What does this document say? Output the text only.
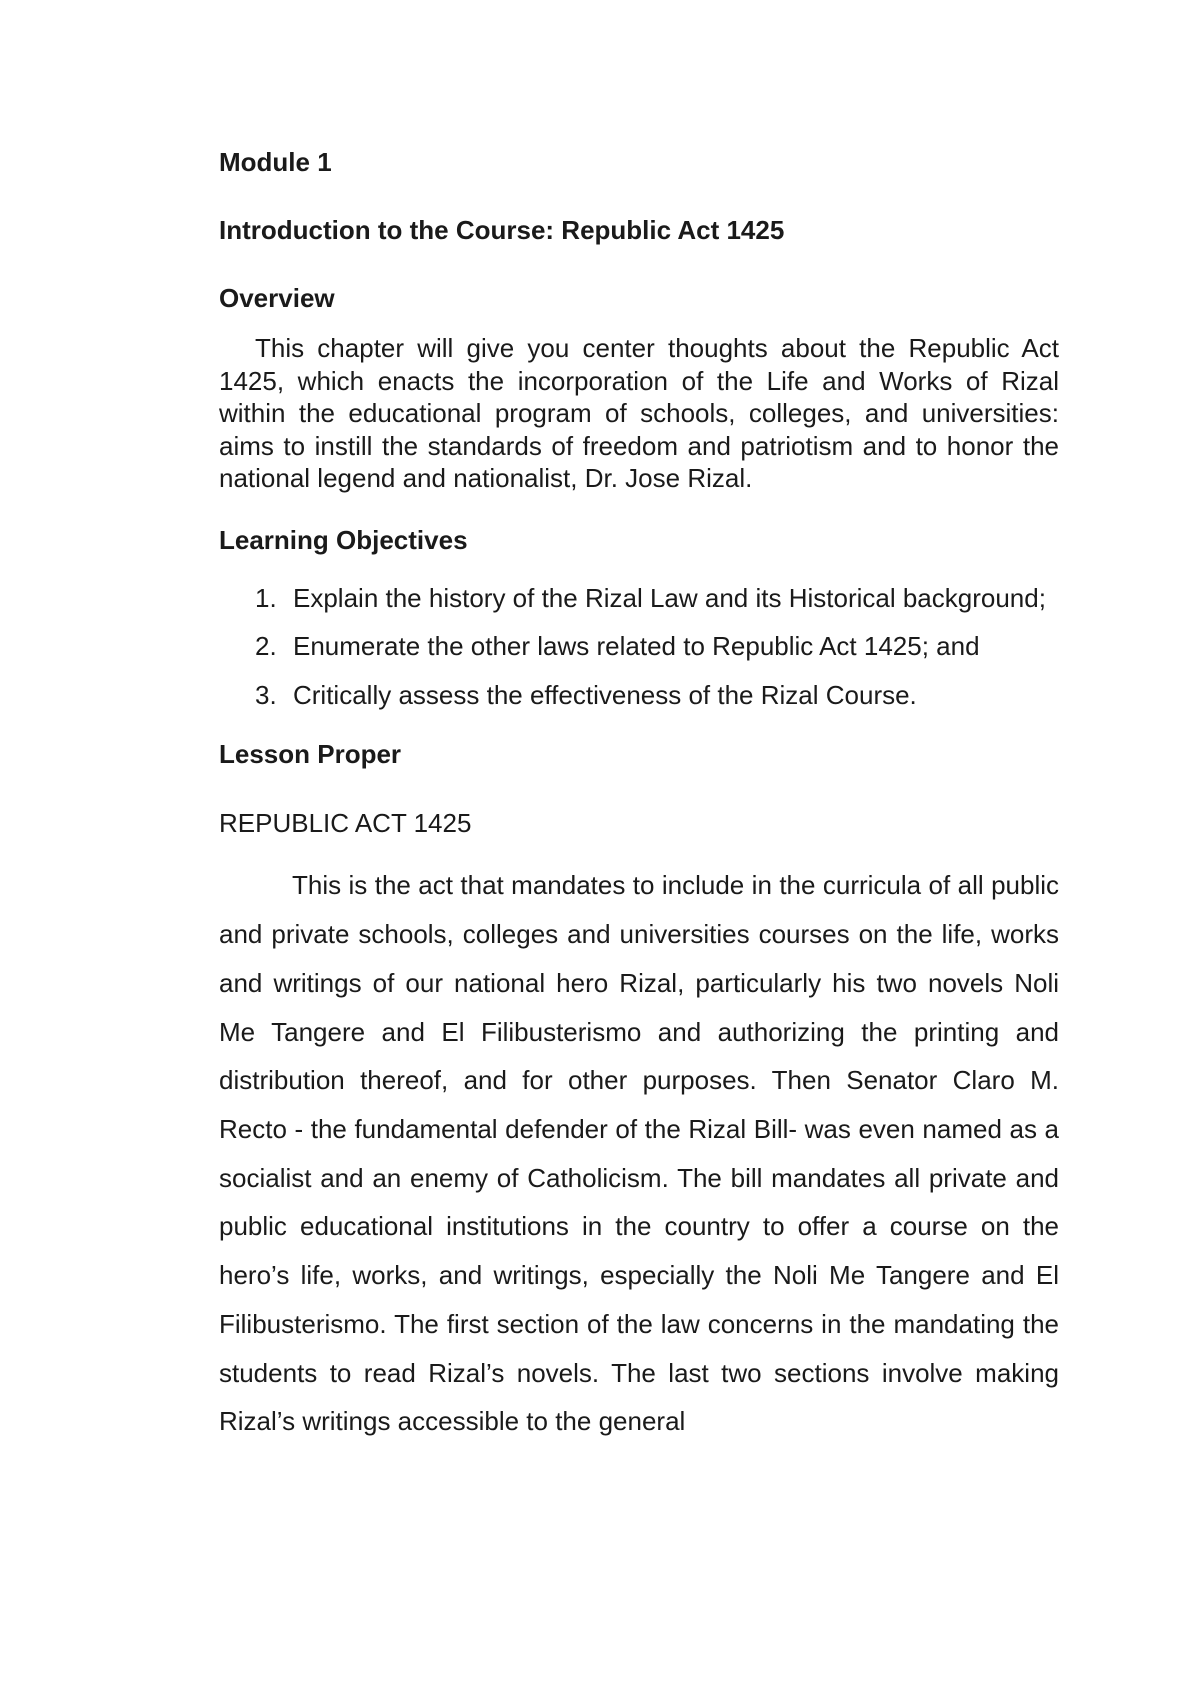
Module 1
Introduction to the Course: Republic Act 1425
Overview

This chapter will give you center thoughts about the Republic Act 1425, which enacts the incorporation of the Life and Works of Rizal within the educational program of schools, colleges, and universities: aims to instill the standards of freedom and patriotism and to honor the national legend and nationalist, Dr. Jose Rizal.

Learning Objectives
1. Explain the history of the Rizal Law and its Historical background;
2. Enumerate the other laws related to Republic Act 1425; and
3. Critically assess the effectiveness of the Rizal Course.
Lesson Proper

REPUBLIC ACT 1425

This is the act that mandates to include in the curricula of all public and private schools, colleges and universities courses on the life, works and writings of our national hero Rizal, particularly his two novels Noli Me Tangere and El Filibusterismo and authorizing the printing and distribution thereof, and for other purposes. Then Senator Claro M. Recto - the fundamental defender of the Rizal Bill- was even named as a socialist and an enemy of Catholicism. The bill mandates all private and public educational institutions in the country to offer a course on the hero’s life, works, and writings, especially the Noli Me Tangere and El Filibusterismo. The first section of the law concerns in the mandating the students to read Rizal’s novels. The last two sections involve making Rizal’s writings accessible to the general
